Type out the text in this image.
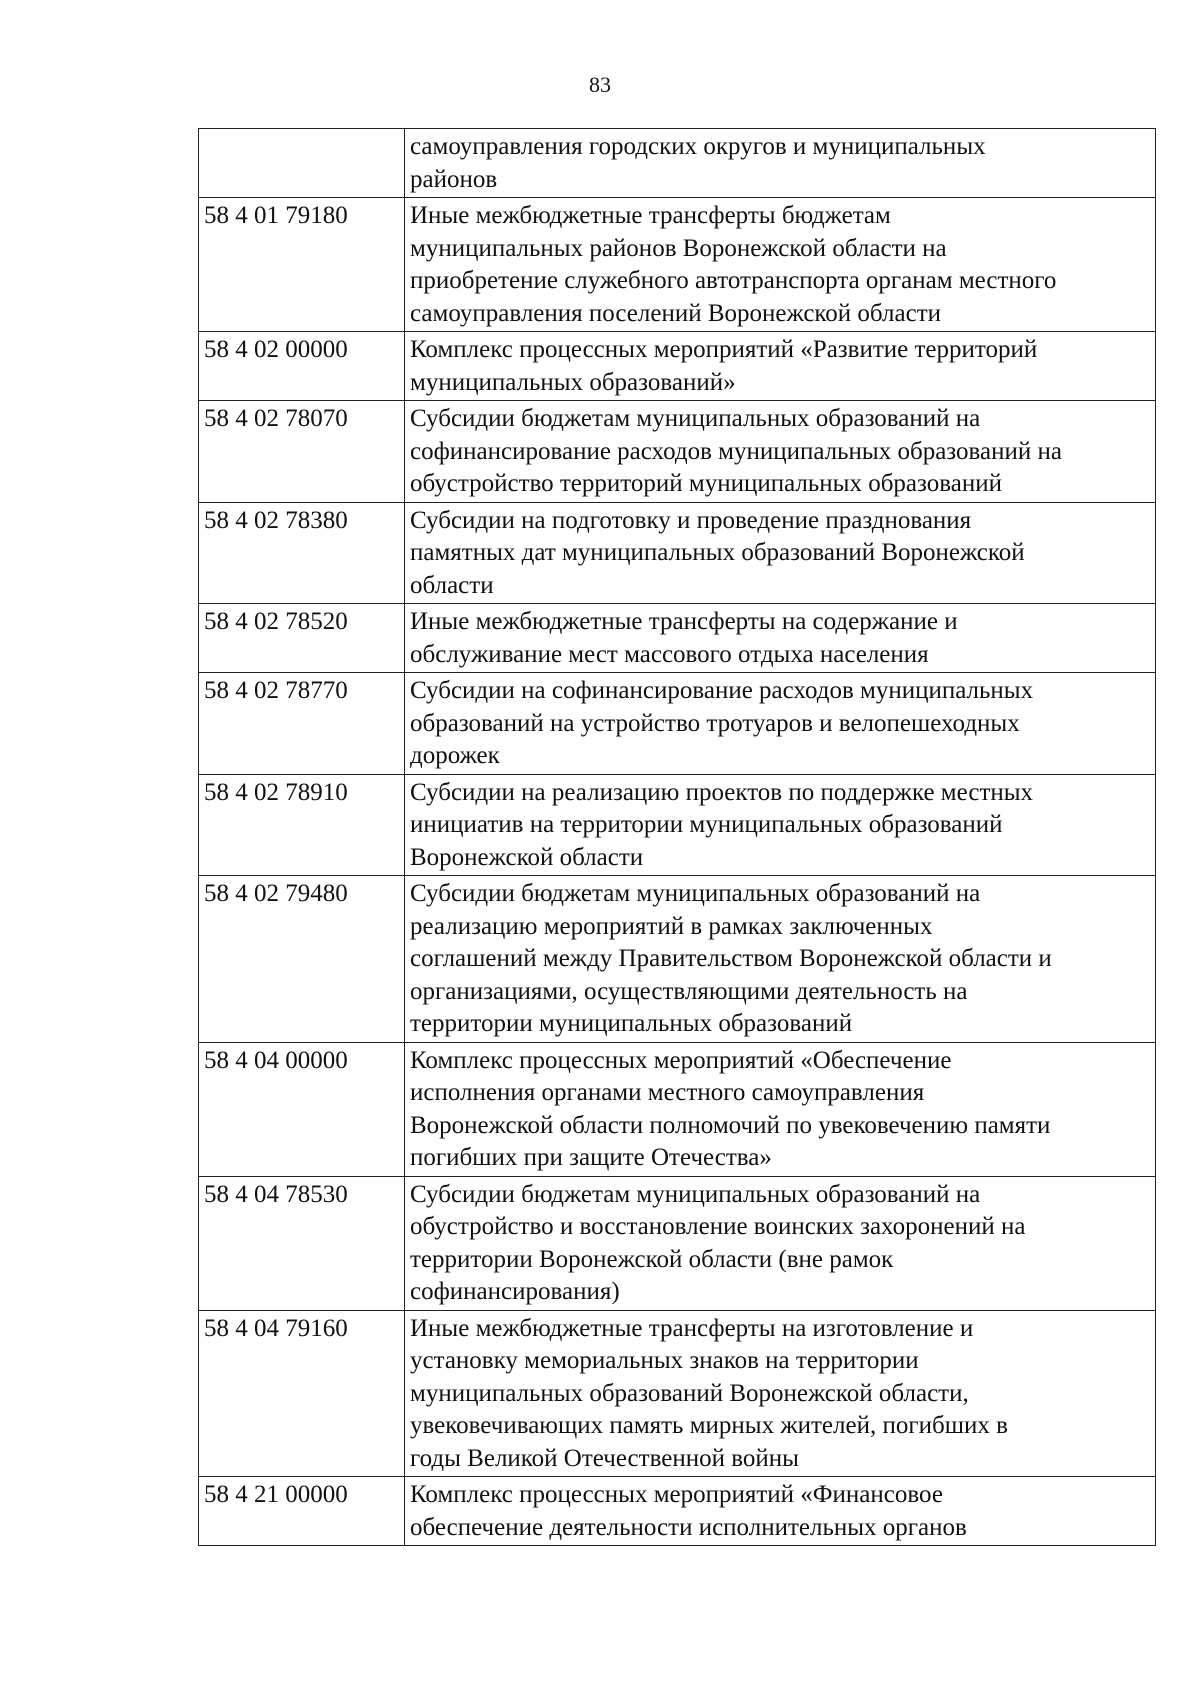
83

	самоуправления городских округов и муниципальных
районов

58 4 01 79180	Иные межбюджетные трансферты бюджетам
муниципальных районов Воронежской области на
приобретение служебного автотранспорта органам местного
самоуправления поселений Воронежской области

58 4 02 00000	Комплекс процессных мероприятий «Развитие территорий
муниципальных образований»

58 4 02 78070	Субсидии бюджетам муниципальных образований на
софинансирование расходов муниципальных образований на
обустройство территорий муниципальных образований

58 4 02 78380	Субсидии на подготовку и проведение празднования
памятных дат муниципальных образований Воронежской
области

58 4 02 78520	Иные межбюджетные трансферты на содержание и
обслуживание мест массового отдыха населения

58 4 02 78770	Субсидии на софинансирование расходов муниципальных
образований на устройство тротуаров и велопешеходных
дорожек

58 4 02 78910	Субсидии на реализацию проектов по поддержке местных
инициатив на территории муниципальных образований
Воронежской области

58 4 02 79480	Субсидии бюджетам муниципальных образований на
реализацию мероприятий в рамках заключенных
соглашений между Правительством Воронежской области и
организациями, осуществляющими деятельность на
территории муниципальных образований

58 4 04 00000	Комплекс процессных мероприятий «Обеспечение
исполнения органами местного самоуправления
Воронежской области полномочий по увековечению памяти
погибших при защите Отечества»

58 4 04 78530	Субсидии бюджетам муниципальных образований на
обустройство и восстановление воинских захоронений на
территории Воронежской области (вне рамок
софинансирования)

58 4 04 79160	Иные межбюджетные трансферты на изготовление и
установку мемориальных знаков на территории
муниципальных образований Воронежской области,
увековечивающих память мирных жителей, погибших в
годы Великой Отечественной войны

58 4 21 00000	Комплекс процессных мероприятий «Финансовое
обеспечение деятельности исполнительных органов
